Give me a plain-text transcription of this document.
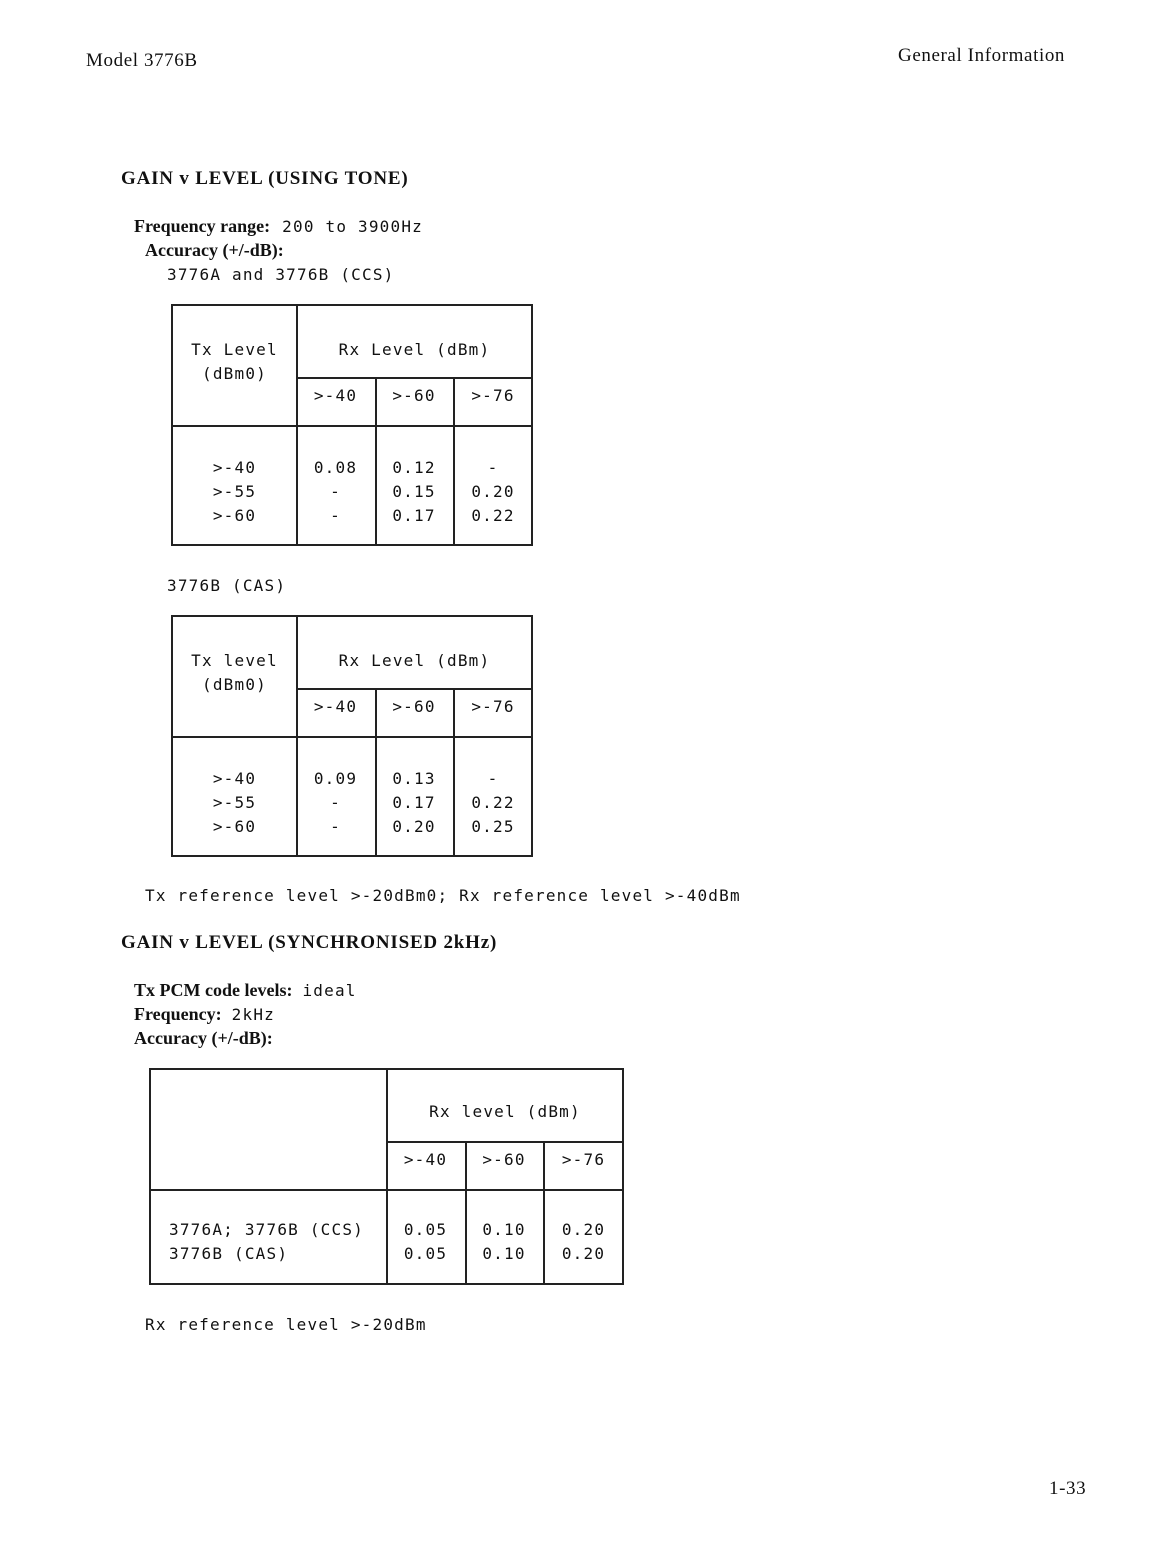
Model 3776B	General Information
GAIN v LEVEL (USING TONE)
Frequency range: 200 to 3900Hz
Accuracy (+/-dB):
3776A and 3776B (CCS)
Tx Level
(dBm0)
Rx Level (dBm)
>-40	>-60	>-76
>-40	0.08	0.12	-
>-55	-	0.15	0.20
>-60	-	0.17	0.22
3776B (CAS)
Tx level
(dBm0)
Rx Level (dBm)
>-40	>-60	>-76
>-40	0.09	0.13	-
>-55	-	0.17	0.22
>-60	-	0.20	0.25
Tx reference level >-20dBm0; Rx reference level >-40dBm
GAIN v LEVEL (SYNCHRONISED 2kHz)
Tx PCM code levels: ideal
Frequency: 2kHz
Accuracy (+/-dB):
Rx level (dBm)
>-40	>-60	>-76
3776A; 3776B (CCS)	0.05	0.10	0.20
3776B (CAS)	0.05	0.10	0.20
Rx reference level >-20dBm
1-33
